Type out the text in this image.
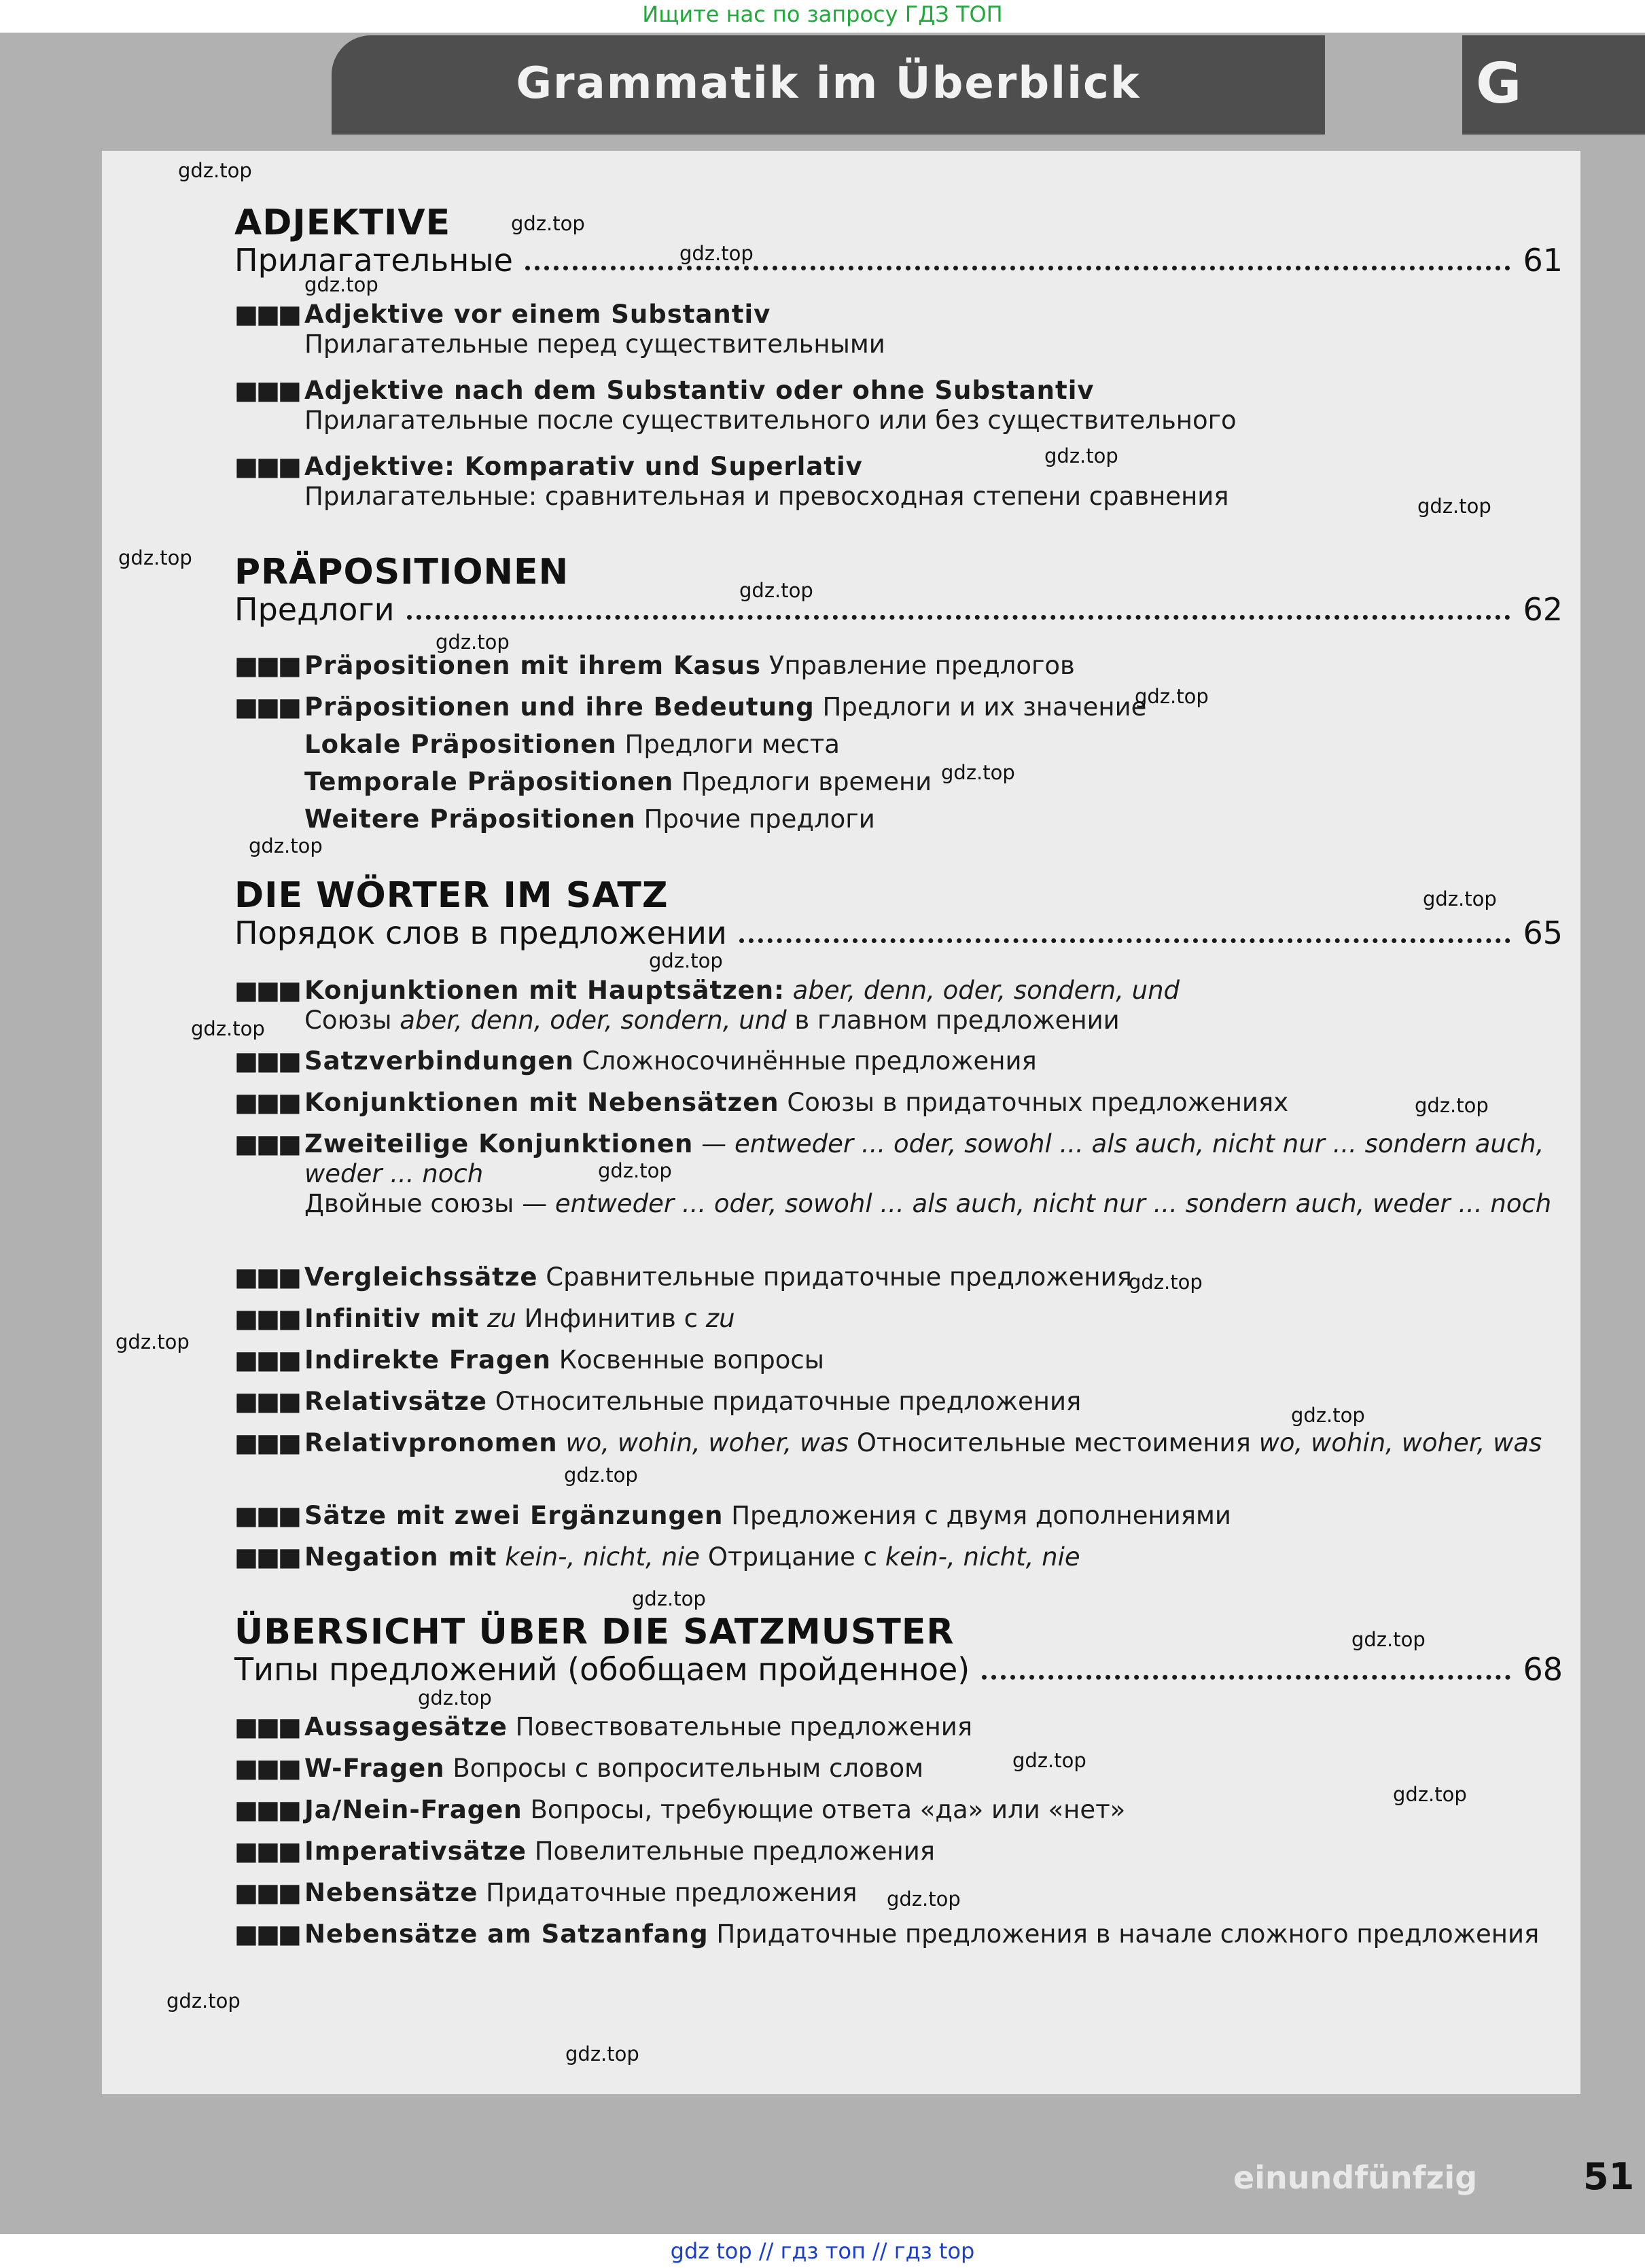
Ищите нас по запросу ГДЗ ТОП
Grammatik im Überblick	G
ADJEKTIVE
Прилагательные	61
■■■ Adjektive vor einem Substantiv
Прилагательные перед существительными
■■■ Adjektive nach dem Substantiv oder ohne Substantiv
Прилагательные после существительного или без существительного
■■■ Adjektive: Komparativ und Superlativ
Прилагательные: сравнительная и превосходная степени сравнения
PRÄPOSITIONEN
Предлоги	62
■■■ Präpositionen mit ihrem Kasus Управление предлогов
■■■ Präpositionen und ihre Bedeutung Предлоги и их значение
Lokale Präpositionen Предлоги места
Temporale Präpositionen Предлоги времени
Weitere Präpositionen Прочие предлоги
DIE WÖRTER IM SATZ
Порядок слов в предложении	65
■■■ Konjunktionen mit Hauptsätzen: aber, denn, oder, sondern, und
Союзы aber, denn, oder, sondern, und в главном предложении
■■■ Satzverbindungen Сложносочинённые предложения
■■■ Konjunktionen mit Nebensätzen Союзы в придаточных предложениях
■■■ Zweiteilige Konjunktionen — entweder ... oder, sowohl ... als auch, nicht nur ... sondern auch, weder ... noch
Двойные союзы — entweder ... oder, sowohl ... als auch, nicht nur ... sondern auch, weder ... noch
■■■ Vergleichssätze Сравнительные придаточные предложения
■■■ Infinitiv mit zu Инфинитив с zu
■■■ Indirekte Fragen Косвенные вопросы
■■■ Relativsätze Относительные придаточные предложения
■■■ Relativpronomen wo, wohin, woher, was Относительные местоимения wo, wohin, woher, was
■■■ Sätze mit zwei Ergänzungen Предложения с двумя дополнениями
■■■ Negation mit kein-, nicht, nie Отрицание с kein-, nicht, nie
ÜBERSICHT ÜBER DIE SATZMUSTER
Типы предложений (обобщаем пройденное)	68
■■■ Aussagesätze Повествовательные предложения
■■■ W-Fragen Вопросы с вопросительным словом
■■■ Ja/Nein-Fragen Вопросы, требующие ответа «да» или «нет»
■■■ Imperativsätze Повелительные предложения
■■■ Nebensätze Придаточные предложения
■■■ Nebensätze am Satzanfang Придаточные предложения в начале сложного предложения
gdz.top
gdz.top
gdz.top
gdz.top
gdz.top
gdz.top
gdz.top
gdz.top
gdz.top
gdz.top
gdz.top
gdz.top
gdz.top
gdz.top
gdz.top
gdz.top
gdz.top
gdz.top
gdz.top
gdz.top
gdz.top
gdz.top
gdz.top
gdz.top
gdz.top
gdz.top
gdz.top
gdz.top
gdz.top
einundfünfzig	51
gdz top // гдз топ // гдз top
